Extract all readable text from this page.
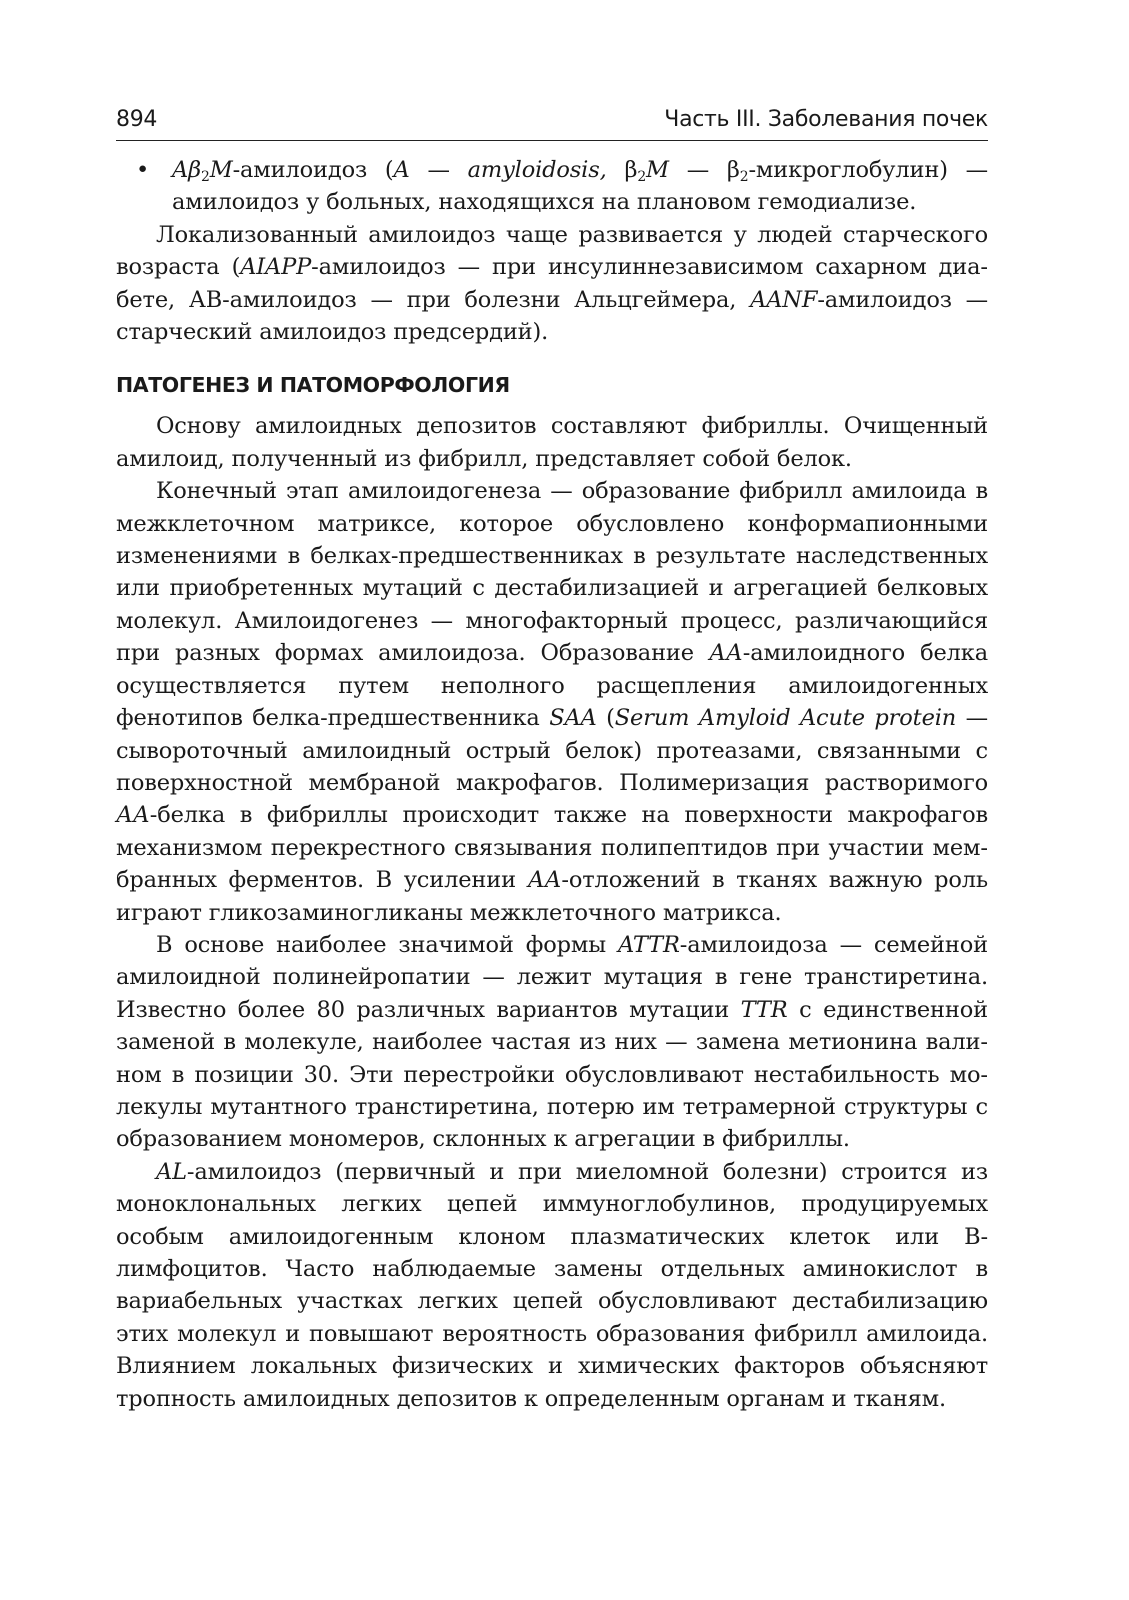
894	Часть III. Заболевания почек
•	$A\beta_2M$-амилоидоз (A — amyloidosis, $\beta_2M$ — $\beta_2-микроглобулин$) — амилоидоз у больных, находящихся на плановом гемодиализе.

Локализованный амилоидоз чаще развивается у людей старческого возраста (AIAPP-амилоидоз — при инсулиннезависимом сахарном диабете, АВ-амилоидоз — при болезни Альцгеймера, AANF-амилоидоз — старческий амилоидоз предсердий).

ПАТОГЕНЕЗ И ПАТОМОРФОЛОГИЯ

Основу амилоидных депозитов составляют фибриллы. Очищенный амилоид, полученный из фибрилл, представляет собой белок.

Конечный этап амилоидогенеза — образование фибрилл амилоида в межклеточном матриксе, которое обусловлено конформапионными изменениями в белках-предшественниках в результате наследственных или приобретенных мутаций с дестабилизацией и агрегацией белковых молекул. Амилоидогенез — многофакторный процесс, различающийся при разных формах амилоидоза. Образование АА-амилоидного белка осуществляется путем неполного расщепления амилоидогенных фенотипов белка-предшественника SAA (Serum Amyloid Acute protein — сывороточный амилоидный острый белок) протеазами, связанными с поверхностной мембраной макрофагов. Полимеризация растворимого АА-белка в фибриллы происходит также на поверхности макрофагов механизмом перекрестного связывания полипептидов при участии мембранных ферментов. В усилении АА-отложений в тканях важную роль играют гликозаминогликаны межклеточного матрикса.

В основе наиболее значимой формы ATTR-амилоидоза — семейной амилоидной полинейропатии — лежит мутация в гене транстиретина. Известно более 80 различных вариантов мутации TTR с единственной заменой в молекуле, наиболее частая из них — замена метионина валином в позиции 30. Эти перестройки обусловливают нестабильность молекулы мутантного транстиретина, потерю им тетрамерной структуры с образованием мономеров, склонных к агрегации в фибриллы.

AL-амилоидоз (первичный и при миеломной болезни) строится из моноклональных легких цепей иммуноглобулинов, продуцируемых особым амилоидогенным клоном плазматических клеток или В-лимфоцитов. Часто наблюдаемые замены отдельных аминокислот в вариабельных участках легких цепей обусловливают дестабилизацию этих молекул и повышают вероятность образования фибрилл амилоида. Влиянием локальных физических и химических факторов объясняют тропность амилоидных депозитов к определенным органам и тканям.
